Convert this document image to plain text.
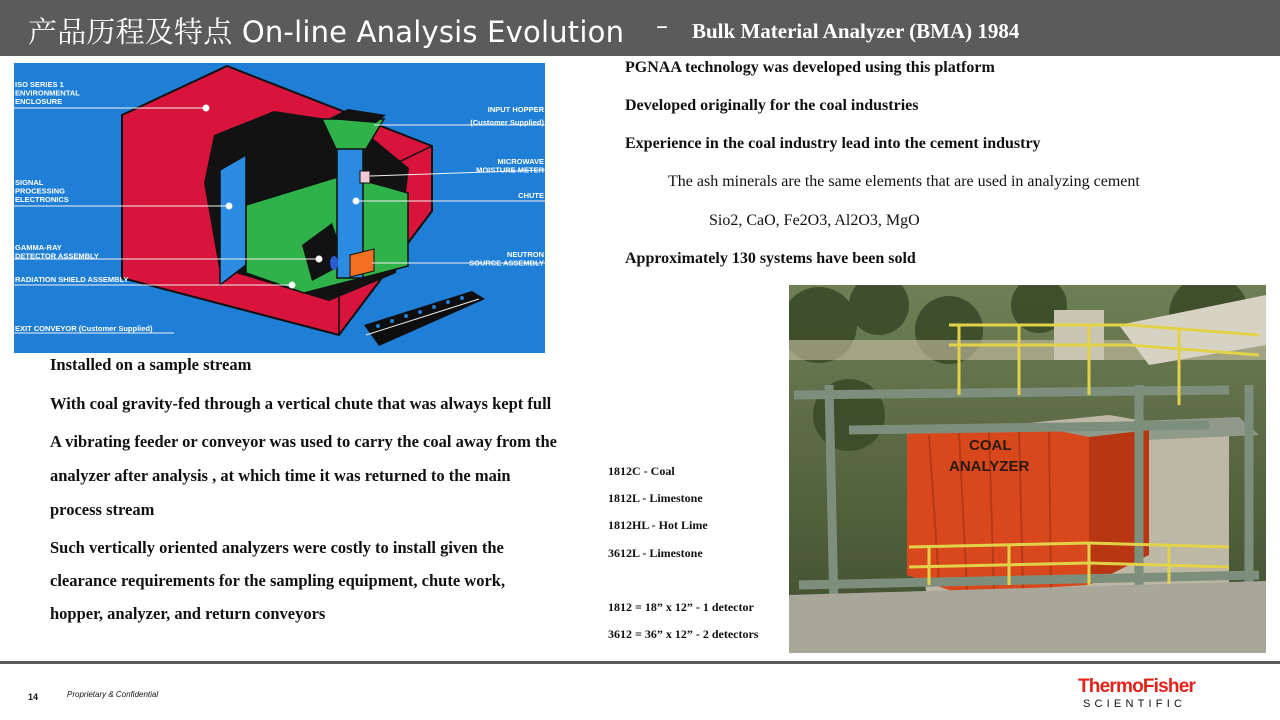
产品历程及特点 On-line Analysis Evolution – Bulk Material Analyzer (BMA) 1984
ISO SERIES 1 ENVIRONMENTAL ENCLOSURE
SIGNAL PROCESSING ELECTRONICS
GAMMA-RAY DETECTOR ASSEMBLY
RADIATION SHIELD ASSEMBLY
EXIT CONVEYOR (Customer Supplied)
INPUT HOPPER (Customer Supplied)
MICROWAVE MOISTURE METER
CHUTE
NEUTRON SOURCE ASSEMBLY
PGNAA technology was developed using this platform
Developed originally for the coal industries
Experience in the coal industry lead into the cement industry
The ash minerals are the same elements that are used in analyzing cement
Sio2, CaO, Fe2O3, Al2O3, MgO
Approximately 130 systems have been sold
Installed on a sample stream
With coal gravity-fed through a vertical chute that was always kept full
A vibrating feeder or conveyor was used to carry the coal away from the
analyzer after analysis , at which time it was returned to the main
process stream
Such vertically oriented analyzers were costly to install given the
clearance requirements for the sampling equipment, chute work,
hopper, analyzer, and return conveyors
1812C - Coal
1812L - Limestone
1812HL - Hot Lime
3612L - Limestone
1812 = 18” x 12” - 1 detector
3612 = 36” x 12” - 2 detectors
COAL
ANALYZER
14	Proprietary & Confidential	ThermoFisher
SCIENTIFIC
